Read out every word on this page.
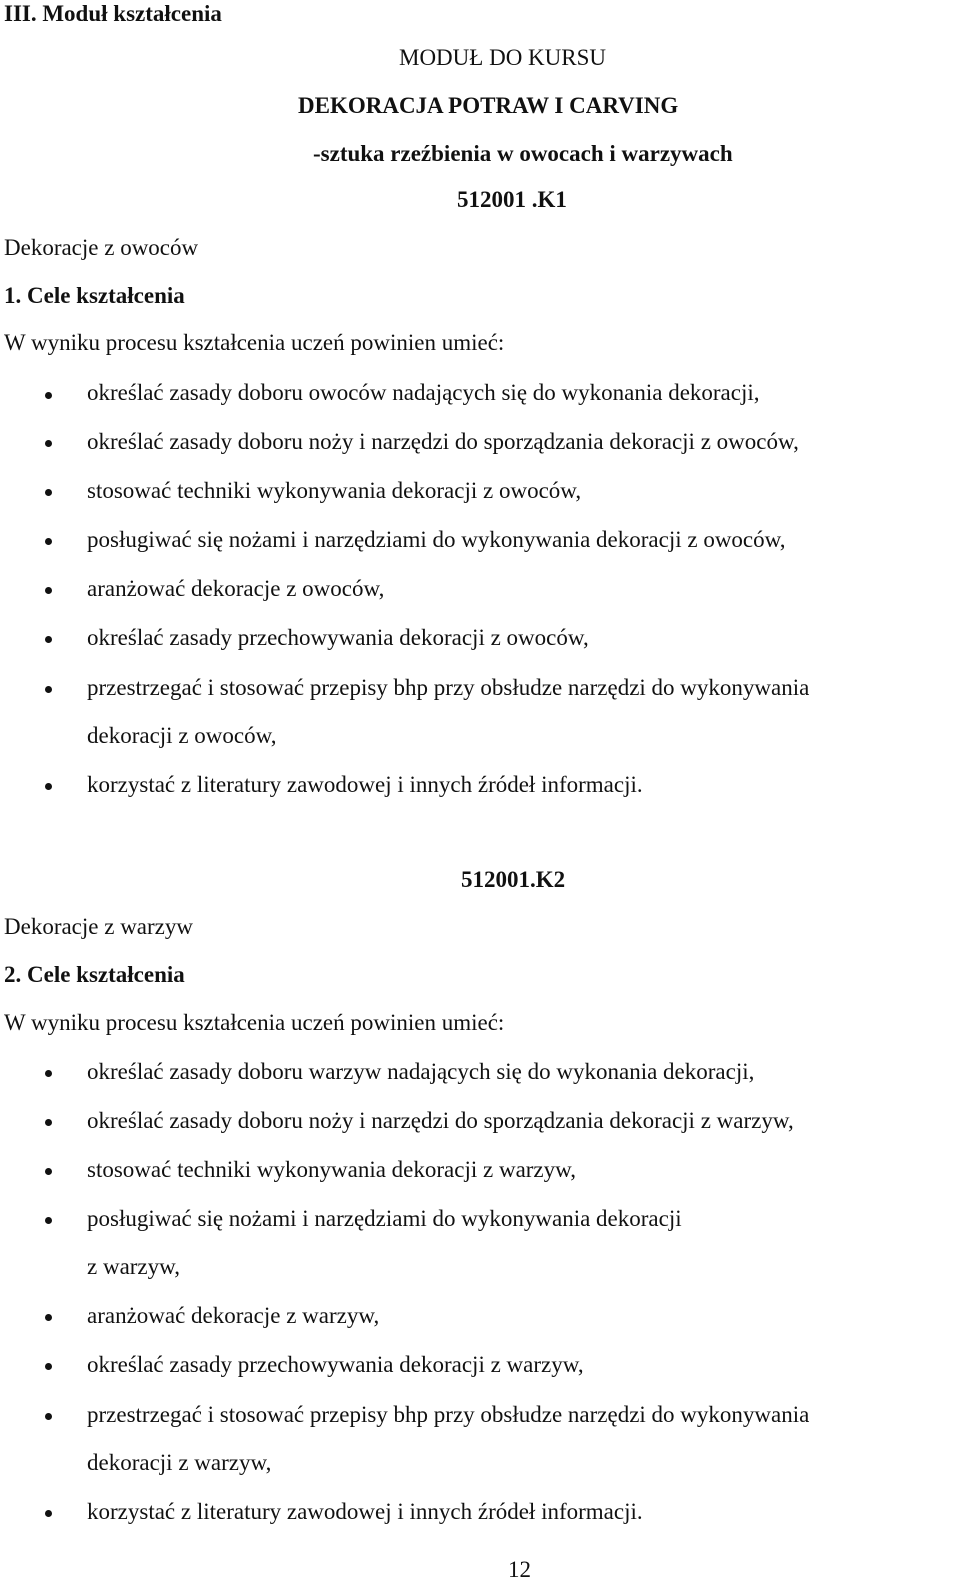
III. Moduł kształcenia
MODUŁ DO KURSU
DEKORACJA POTRAW I CARVING
-sztuka rzeźbienia w owocach i warzywach
512001 .K1
Dekoracje z owoców
1. Cele kształcenia
W wyniku procesu kształcenia uczeń powinien umieć:
określać zasady doboru owoców nadających się do wykonania dekoracji,
określać zasady doboru noży i narzędzi do sporządzania dekoracji z owoców,
stosować techniki wykonywania dekoracji z owoców,
posługiwać się nożami i narzędziami do wykonywania dekoracji z owoców,
aranżować dekoracje z owoców,
określać zasady przechowywania dekoracji z owoców,
przestrzegać i stosować przepisy bhp przy obsłudze narzędzi do wykonywania
dekoracji z owoców,
korzystać z literatury zawodowej i innych źródeł informacji.
512001.K2
Dekoracje z warzyw
2. Cele kształcenia
W wyniku procesu kształcenia uczeń powinien umieć:
określać zasady doboru warzyw nadających się do wykonania dekoracji,
określać zasady doboru noży i narzędzi do sporządzania dekoracji z warzyw,
stosować techniki wykonywania dekoracji z warzyw,
posługiwać się nożami i narzędziami do wykonywania dekoracji
z warzyw,
aranżować dekoracje z warzyw,
określać zasady przechowywania dekoracji z warzyw,
przestrzegać i stosować przepisy bhp przy obsłudze narzędzi do wykonywania
dekoracji z warzyw,
korzystać z literatury zawodowej i innych źródeł informacji.
12
